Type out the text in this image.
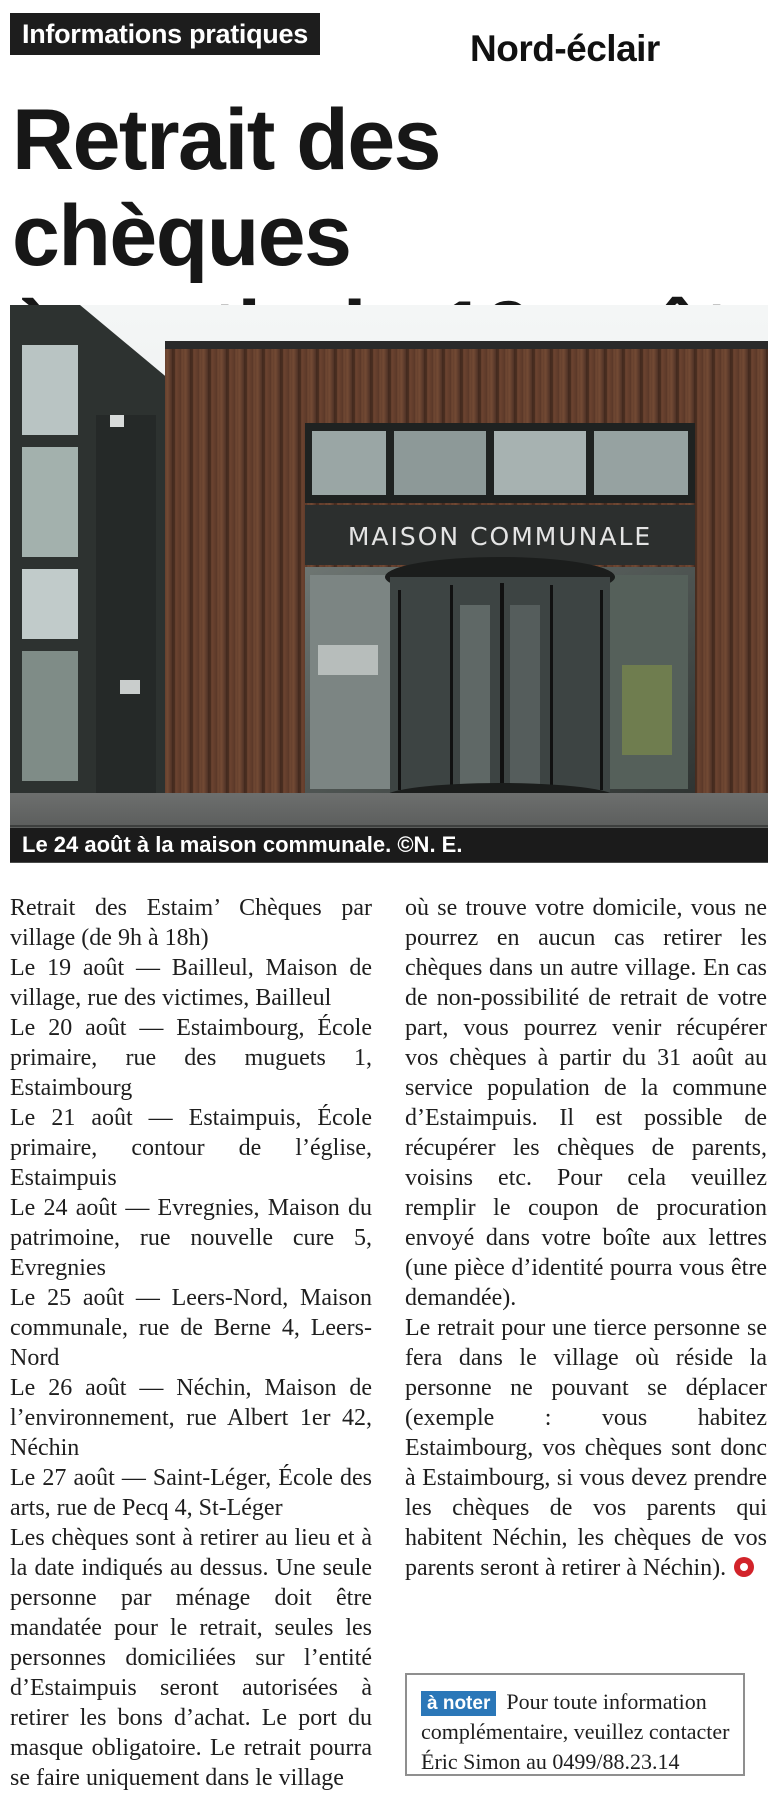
Informations pratiques	Nord-éclair
Retrait des chèques

MAISON COMMUNALE
Le 24 août à la maison communale. ©N. E.

Retrait des Estaim’ Chèques par village (de 9h à 18h)

Le 19 août — Bailleul, Maison de village, rue des victimes, Bailleul

Le 20 août — Estaimbourg, École primaire, rue des muguets 1, Estaimbourg

Le 21 août — Estaimpuis, École primaire, contour de l’église, Estaimpuis

Le 24 août — Evregnies, Maison du patrimoine, rue nouvelle cure 5, Evregnies

Le 25 août — Leers-Nord, Maison communale, rue de Berne 4, Leers-Nord

Le 26 août — Néchin, Maison de l’environnement, rue Albert 1er 42, Néchin

Le 27 août — Saint-Léger, École des arts, rue de Pecq 4, St-Léger

Les chèques sont à retirer au lieu et à la date indiqués au dessus. Une seule personne par ménage doit être mandatée pour le retrait, seules les personnes domiciliées sur l’entité d’Estaimpuis seront autorisées à retirer les bons d’achat. Le port du masque obligatoire. Le retrait pourra se faire uniquement dans le village

où se trouve votre domicile, vous ne pourrez en aucun cas retirer les chèques dans un autre village. En cas de non-possibilité de retrait de votre part, vous pourrez venir récupérer vos chèques à partir du 31 août au service population de la commune d’Estaimpuis. Il est possible de récupérer les chèques de parents, voisins etc. Pour cela veuillez remplir le coupon de procuration envoyé dans votre boîte aux lettres (une pièce d’identité pourra vous être demandée).

Le retrait pour une tierce personne se fera dans le village où réside la personne ne pouvant se déplacer (exemple : vous habitez Estaimbourg, vos chèques sont donc à Estaimbourg, si vous devez prendre les chèques de vos parents qui habitent Néchin, les chèques de vos parents seront à retirer à Néchin).

à noter Pour toute information complémentaire, veuillez contacter Éric Simon au 0499/88.23.14
